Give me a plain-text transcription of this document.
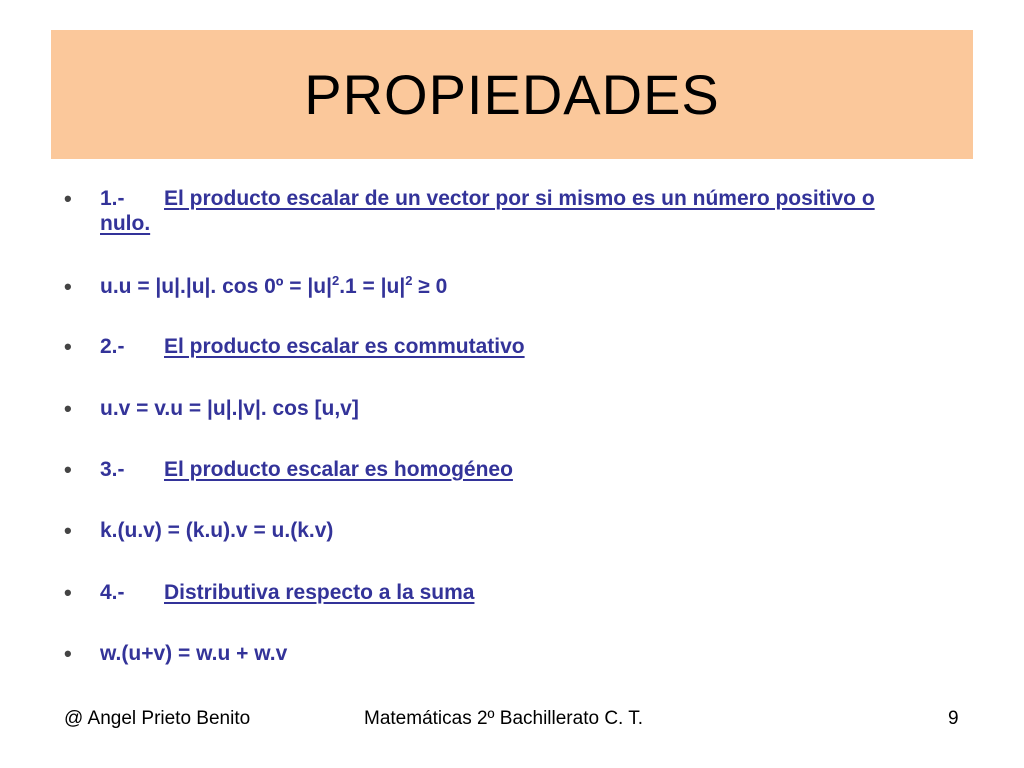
PROPIEDADES
•	1.- El producto escalar de un vector por si mismo es un número positivo o nulo.
•	u.u = |u|.|u|. cos 0º = $|u|^2.1 = |u|^2 \ge 0$
•	2.- El producto escalar es commutativo
•	u.v = v.u = |u|.|v|. cos [u,v]
•	3.- El producto escalar es homogéneo
•	k.(u.v) = (k.u).v = u.(k.v)
•	4.- Distributiva respecto a la suma
•	w.(u+v) = w.u + w.v
@ Angel Prieto Benito	Matemáticas 2º Bachillerato C. T.	9
